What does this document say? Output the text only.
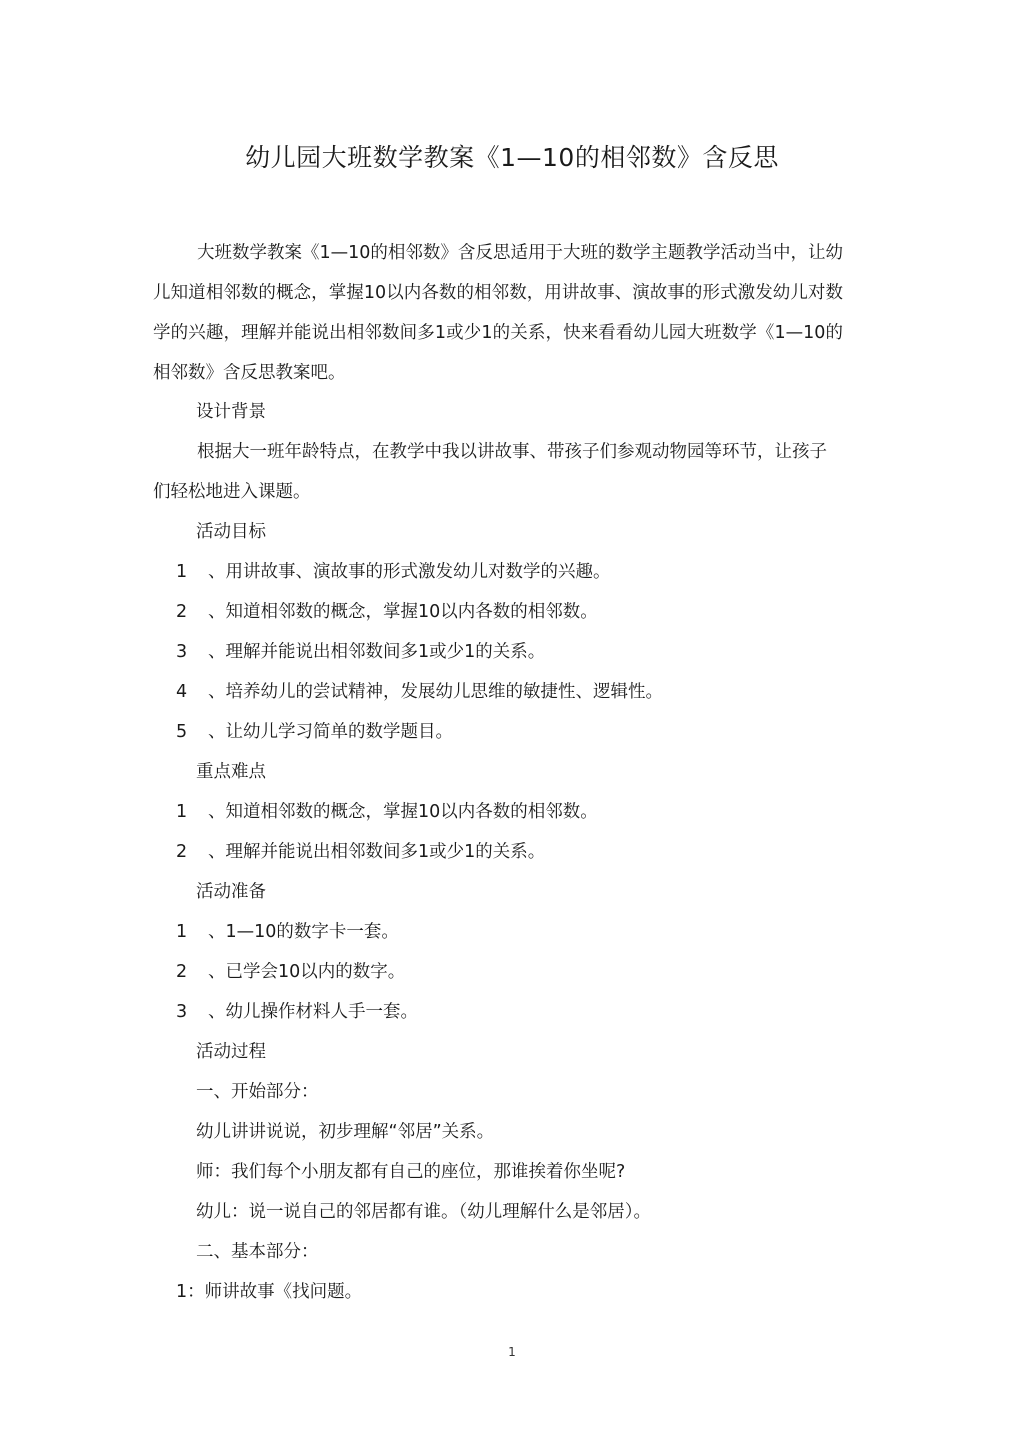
幼儿园大班数学教案《1—10的相邻数》含反思

大班数学教案《1—10的相邻数》含反思适用于大班的数学主题教学活动当中，让幼儿知道相邻数的概念，掌握10以内各数的相邻数，用讲故事、演故事的形式激发幼儿对数学的兴趣，理解并能说出相邻数间多1或少1的关系，快来看看幼儿园大班数学《1—10的相邻数》含反思教案吧。

设计背景

根据大一班年龄特点，在教学中我以讲故事、带孩子们参观动物园等环节，让孩子们轻松地进入课题。

活动目标
1 、用讲故事、演故事的形式激发幼儿对数学的兴趣。
2 、知道相邻数的概念，掌握10以内各数的相邻数。
3 、理解并能说出相邻数间多1或少1的关系。
4 、培养幼儿的尝试精神，发展幼儿思维的敏捷性、逻辑性。
5 、让幼儿学习简单的数学题目。
重点难点
1 、知道相邻数的概念，掌握10以内各数的相邻数。
2 、理解并能说出相邻数间多1或少1的关系。
活动准备
1 、1—10的数字卡一套。
2 、已学会10以内的数字。
3 、幼儿操作材料人手一套。
活动过程
一、开始部分：
幼儿讲讲说说，初步理解“邻居”关系。
师：我们每个小朋友都有自己的座位，那谁挨着你坐呢?
幼儿：说一说自己的邻居都有谁。（幼儿理解什么是邻居）。
二、基本部分：
1：师讲故事《找问题。
1
